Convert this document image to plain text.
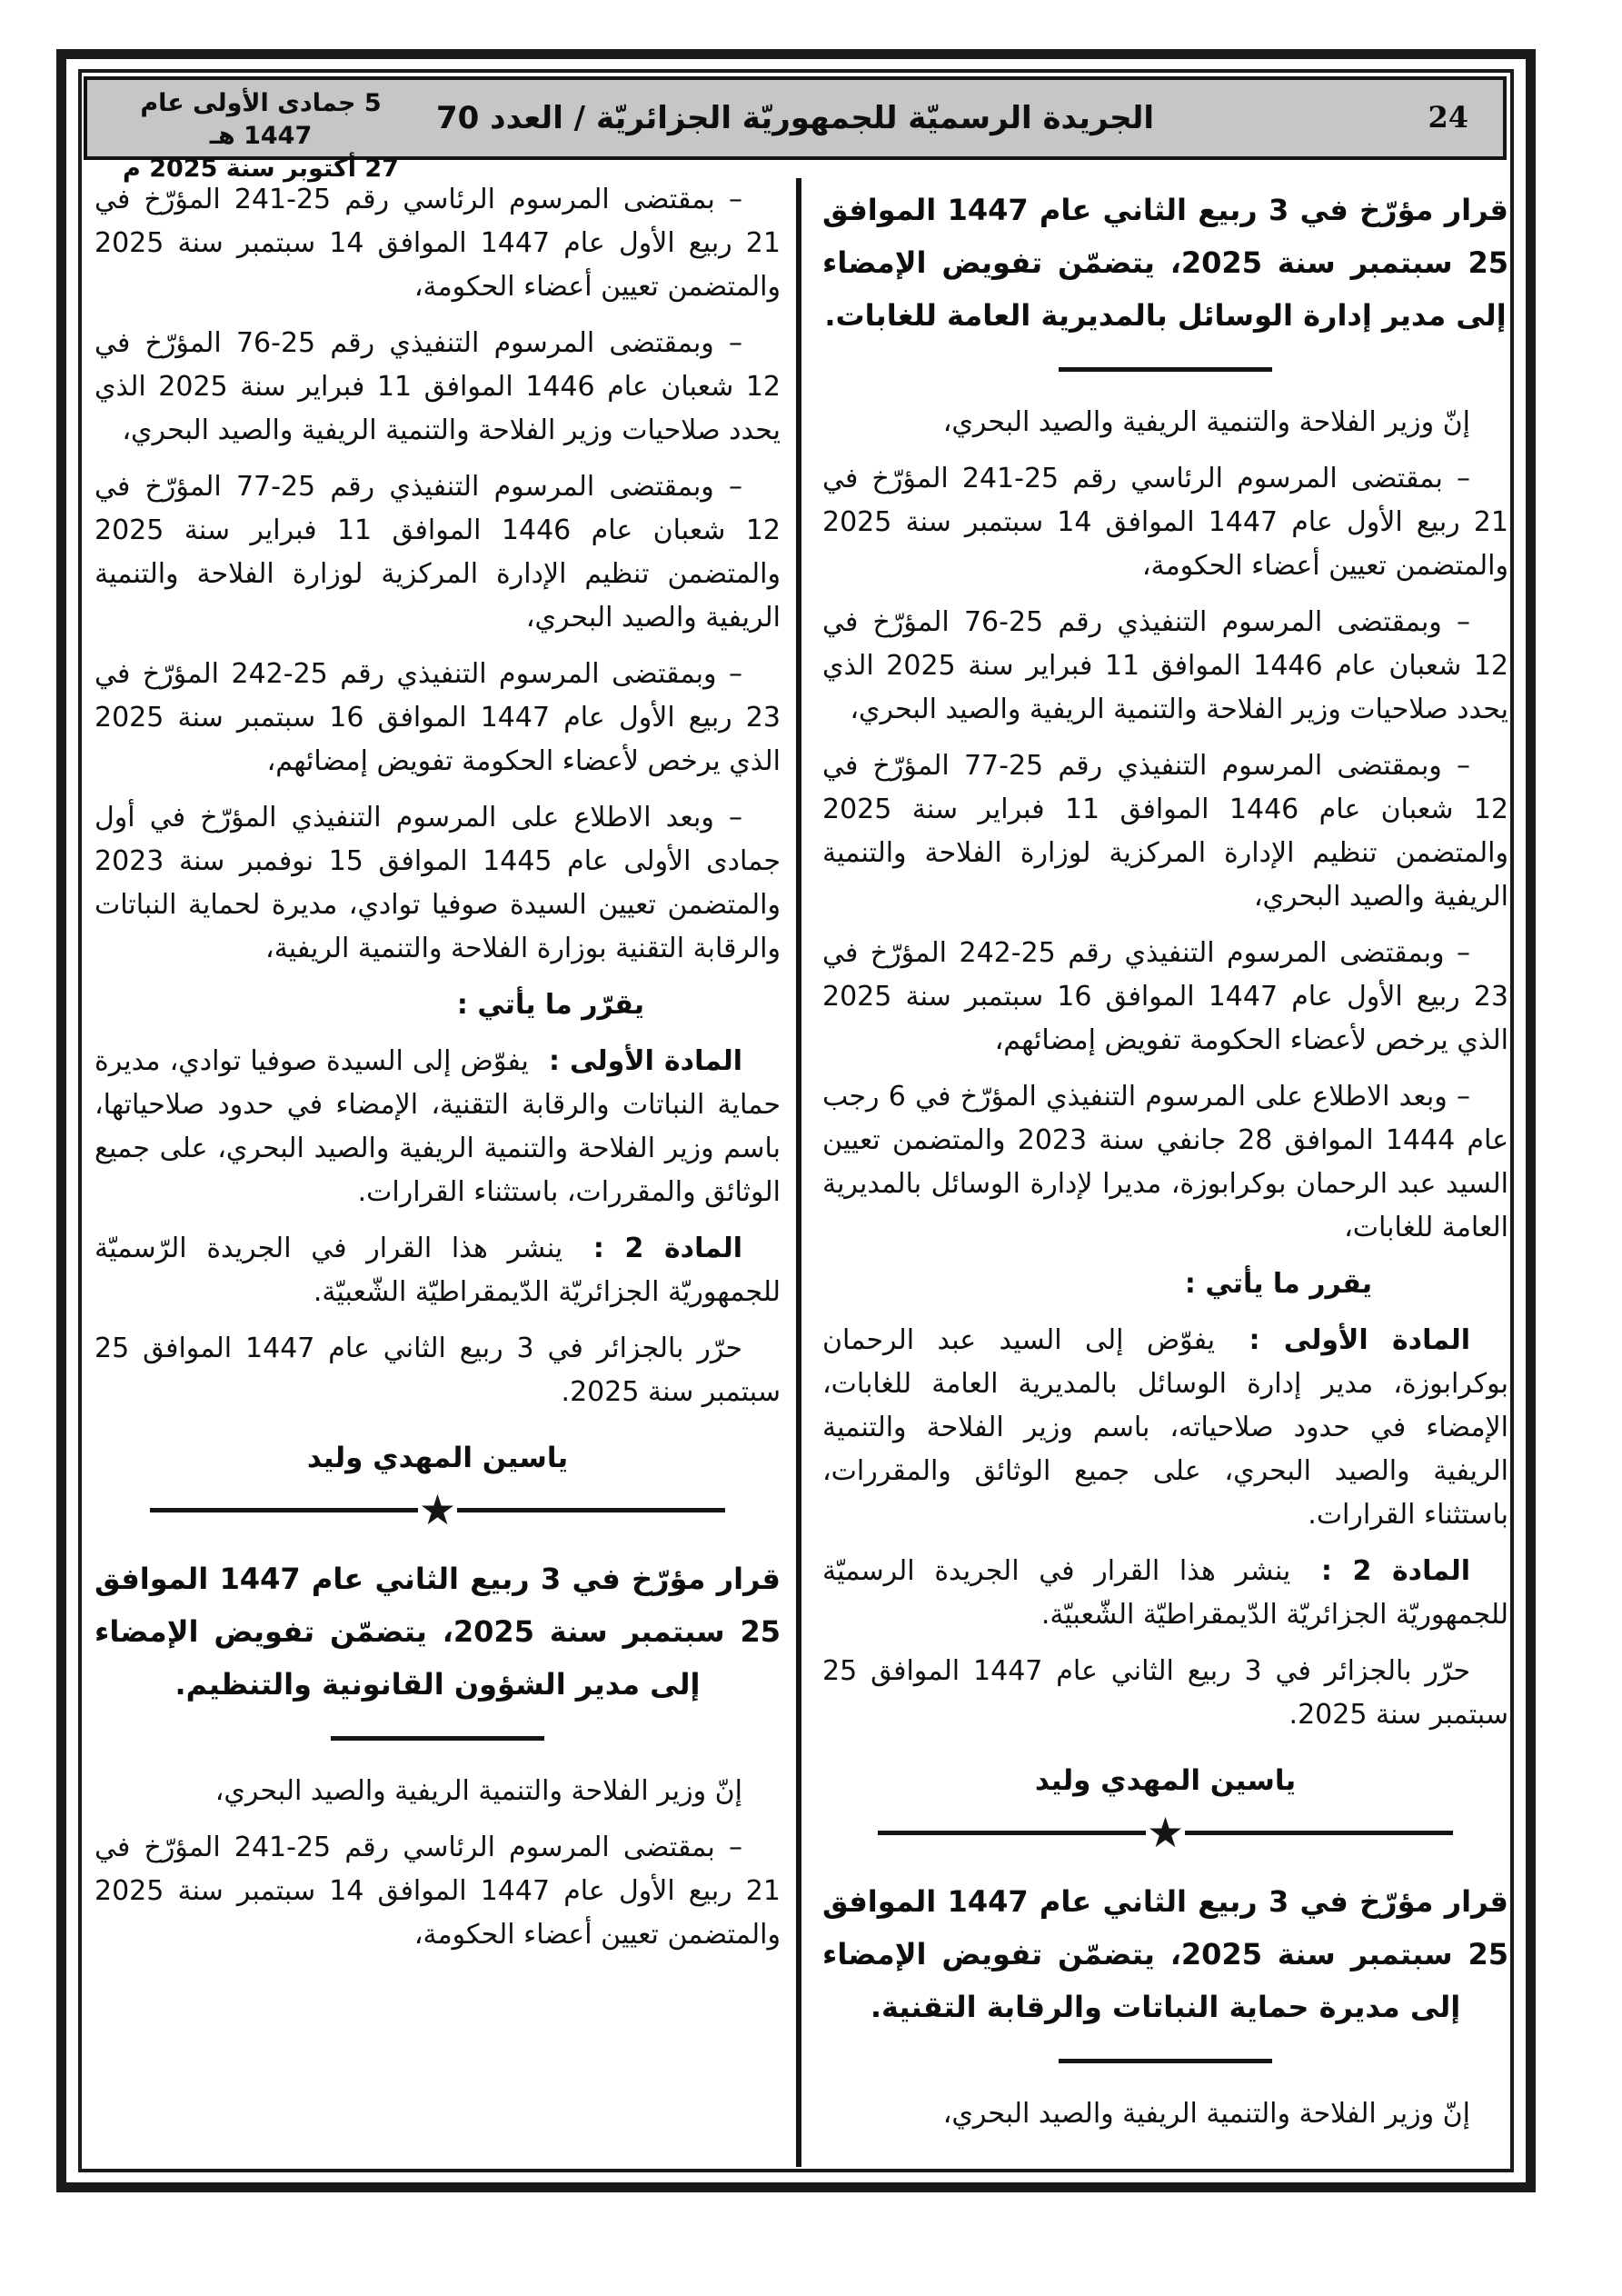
24
الجريدة الرسميّة للجمهوريّة الجزائريّة / العدد 70
5 جمادى الأولى عام 1447 هـ
27 أكتوبر سنة 2025 م
قرار مؤرّخ في 3 ربيع الثاني عام 1447 الموافق 25 سبتمبر سنة 2025، يتضمّن تفويض الإمضاء إلى مدير إدارة الوسائل بالمديرية العامة للغابات.

إنّ وزير الفلاحة والتنمية الريفية والصيد البحري،

– بمقتضى المرسوم الرئاسي رقم 25-241 المؤرّخ في 21 ربيع الأول عام 1447 الموافق 14 سبتمبر سنة 2025 والمتضمن تعيين أعضاء الحكومة،

– وبمقتضى المرسوم التنفيذي رقم 25-76 المؤرّخ في 12 شعبان عام 1446 الموافق 11 فبراير سنة 2025 الذي يحدد صلاحيات وزير الفلاحة والتنمية الريفية والصيد البحري،

– وبمقتضى المرسوم التنفيذي رقم 25-77 المؤرّخ في 12 شعبان عام 1446 الموافق 11 فبراير سنة 2025 والمتضمن تنظيم الإدارة المركزية لوزارة الفلاحة والتنمية الريفية والصيد البحري،

– وبمقتضى المرسوم التنفيذي رقم 25-242 المؤرّخ في 23 ربيع الأول عام 1447 الموافق 16 سبتمبر سنة 2025 الذي يرخص لأعضاء الحكومة تفويض إمضائهم،

– وبعد الاطلاع على المرسوم التنفيذي المؤرّخ في 6 رجب عام 1444 الموافق 28 جانفي سنة 2023 والمتضمن تعيين السيد عبد الرحمان بوكرابوزة، مديرا لإدارة الوسائل بالمديرية العامة للغابات،

يقرر ما يأتي :

المادة الأولى : يفوّض إلى السيد عبد الرحمان بوكرابوزة، مدير إدارة الوسائل بالمديرية العامة للغابات، الإمضاء في حدود صلاحياته، باسم وزير الفلاحة والتنمية الريفية والصيد البحري، على جميع الوثائق والمقررات، باستثناء القرارات.

المادة 2 : ينشر هذا القرار في الجريدة الرسميّة للجمهوريّة الجزائريّة الدّيمقراطيّة الشّعبيّة.

حرّر بالجزائر في 3 ربيع الثاني عام 1447 الموافق 25 سبتمبر سنة 2025.

ياسين المهدي وليد
★
قرار مؤرّخ في 3 ربيع الثاني عام 1447 الموافق 25 سبتمبر سنة 2025، يتضمّن تفويض الإمضاء إلى مديرة حماية النباتات والرقابة التقنية.

إنّ وزير الفلاحة والتنمية الريفية والصيد البحري،

– بمقتضى المرسوم الرئاسي رقم 25-241 المؤرّخ في 21 ربيع الأول عام 1447 الموافق 14 سبتمبر سنة 2025 والمتضمن تعيين أعضاء الحكومة،

– وبمقتضى المرسوم التنفيذي رقم 25-76 المؤرّخ في 12 شعبان عام 1446 الموافق 11 فبراير سنة 2025 الذي يحدد صلاحيات وزير الفلاحة والتنمية الريفية والصيد البحري،

– وبمقتضى المرسوم التنفيذي رقم 25-77 المؤرّخ في 12 شعبان عام 1446 الموافق 11 فبراير سنة 2025 والمتضمن تنظيم الإدارة المركزية لوزارة الفلاحة والتنمية الريفية والصيد البحري،

– وبمقتضى المرسوم التنفيذي رقم 25-242 المؤرّخ في 23 ربيع الأول عام 1447 الموافق 16 سبتمبر سنة 2025 الذي يرخص لأعضاء الحكومة تفويض إمضائهم،

– وبعد الاطلاع على المرسوم التنفيذي المؤرّخ في أول جمادى الأولى عام 1445 الموافق 15 نوفمبر سنة 2023 والمتضمن تعيين السيدة صوفيا توادي، مديرة لحماية النباتات والرقابة التقنية بوزارة الفلاحة والتنمية الريفية،

يقرّر ما يأتي :

المادة الأولى : يفوّض إلى السيدة صوفيا توادي، مديرة حماية النباتات والرقابة التقنية، الإمضاء في حدود صلاحياتها، باسم وزير الفلاحة والتنمية الريفية والصيد البحري، على جميع الوثائق والمقررات، باستثناء القرارات.

المادة 2 : ينشر هذا القرار في الجريدة الرّسميّة للجمهوريّة الجزائريّة الدّيمقراطيّة الشّعبيّة.

حرّر بالجزائر في 3 ربيع الثاني عام 1447 الموافق 25 سبتمبر سنة 2025.

ياسين المهدي وليد
★
قرار مؤرّخ في 3 ربيع الثاني عام 1447 الموافق 25 سبتمبر سنة 2025، يتضمّن تفويض الإمضاء إلى مدير الشؤون القانونية والتنظيم.

إنّ وزير الفلاحة والتنمية الريفية والصيد البحري،

– بمقتضى المرسوم الرئاسي رقم 25-241 المؤرّخ في 21 ربيع الأول عام 1447 الموافق 14 سبتمبر سنة 2025 والمتضمن تعيين أعضاء الحكومة،
